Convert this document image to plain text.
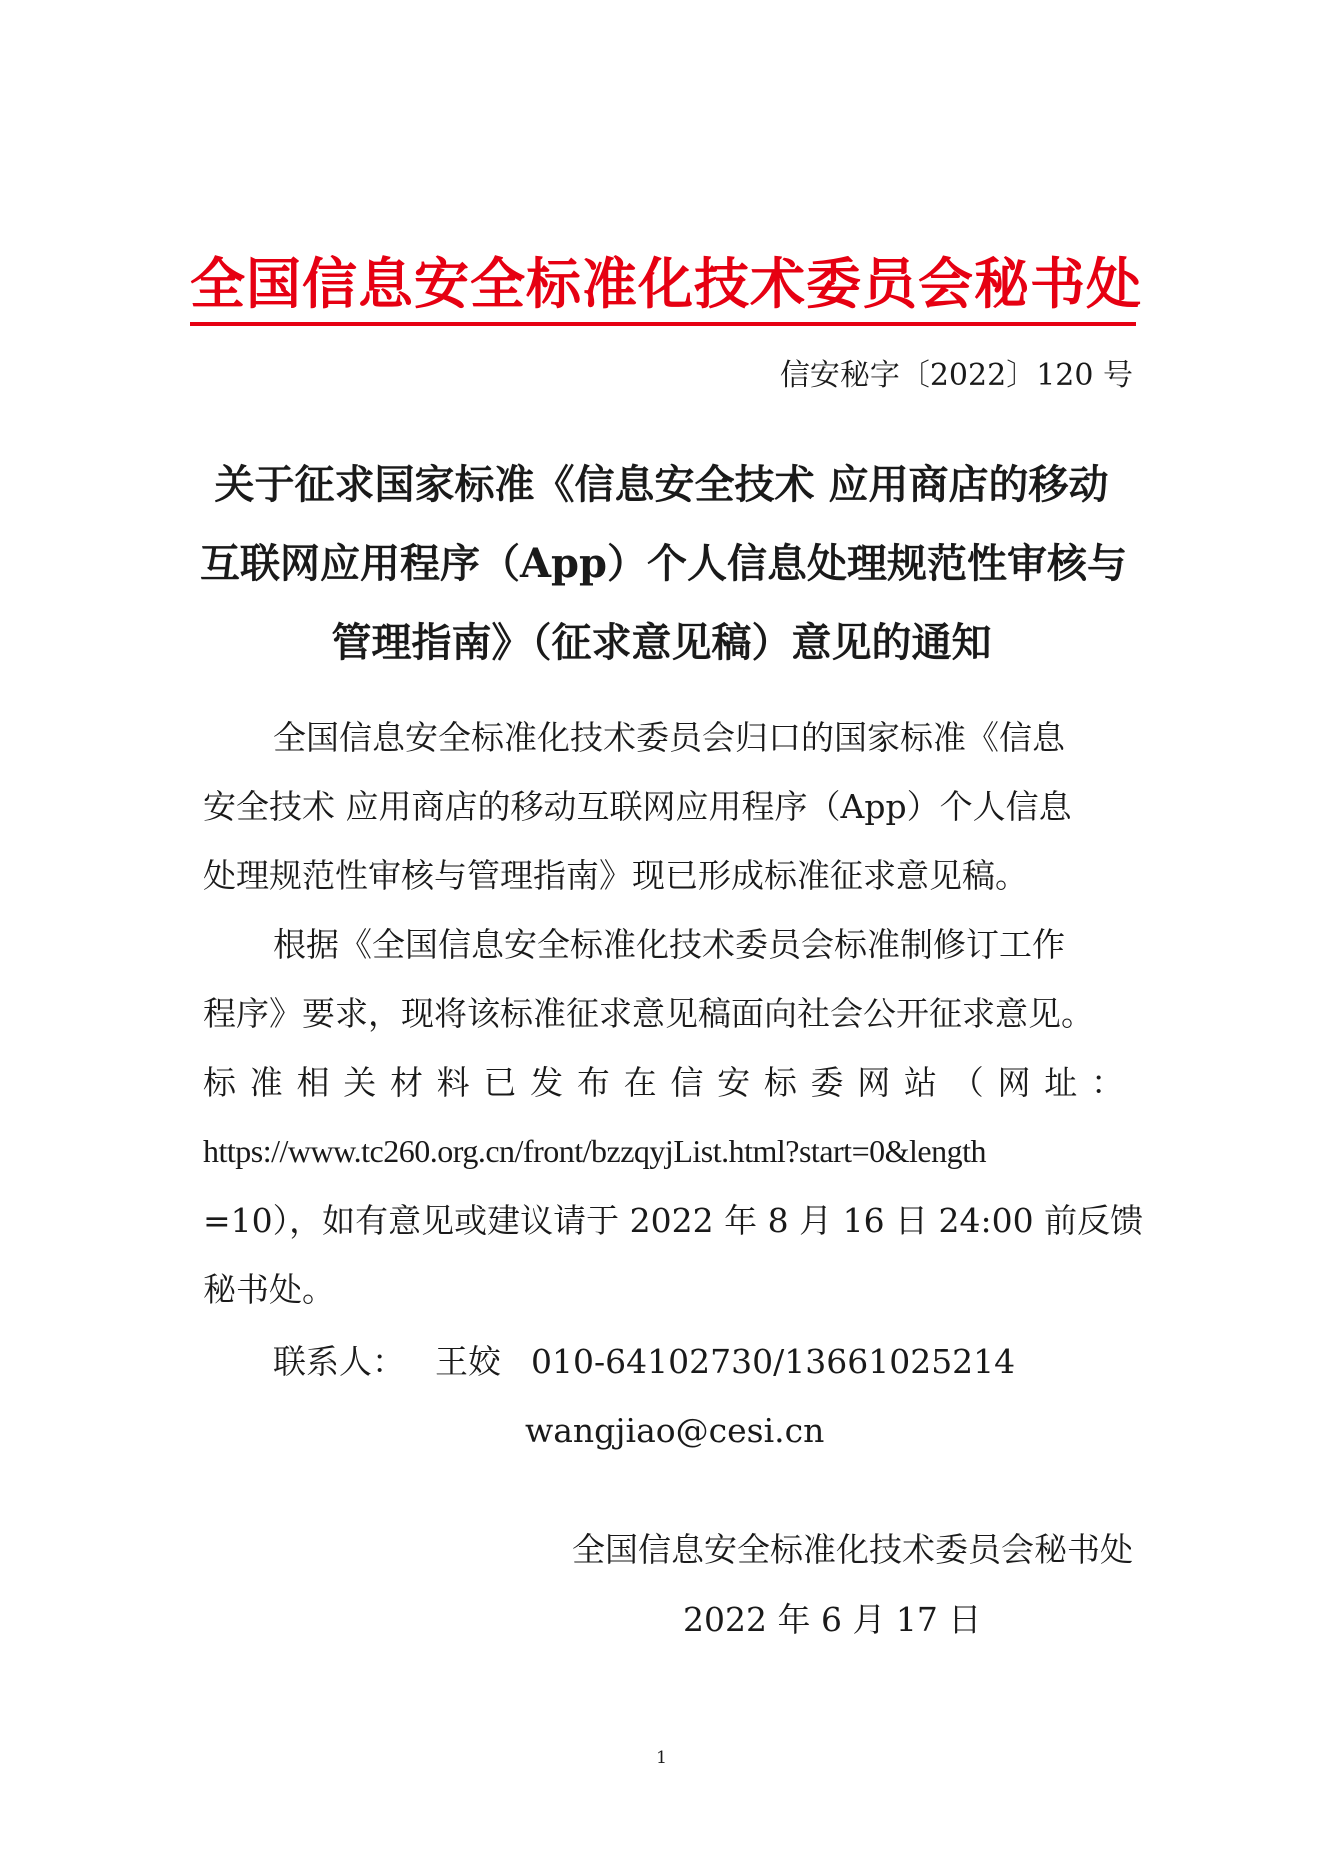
全国信息安全标准化技术委员会秘书处
信安秘字〔2022〕120 号
关于征求国家标准《信息安全技术 应用商店的移动
互联网应用程序（App）个人信息处理规范性审核与
管理指南》（征求意见稿）意见的通知
全国信息安全标准化技术委员会归口的国家标准《信息
安全技术 应用商店的移动互联网应用程序（App）个人信息
处理规范性审核与管理指南》现已形成标准征求意见稿。
根据《全国信息安全标准化技术委员会标准制修订工作
程序》要求，现将该标准征求意见稿面向社会公开征求意见。
标 准 相 关 材 料 已 发 布 在 信 安 标 委 网 站 （ 网 址 ：
https://www.tc260.org.cn/front/bzzqyjList.html?start=0&length
=10），如有意见或建议请于 2022 年 8 月 16 日 24:00 前反馈
秘书处。
联系人： 王姣 010-64102730/13661025214
wangjiao@cesi.cn
全国信息安全标准化技术委员会秘书处
2022 年 6 月 17 日
1
